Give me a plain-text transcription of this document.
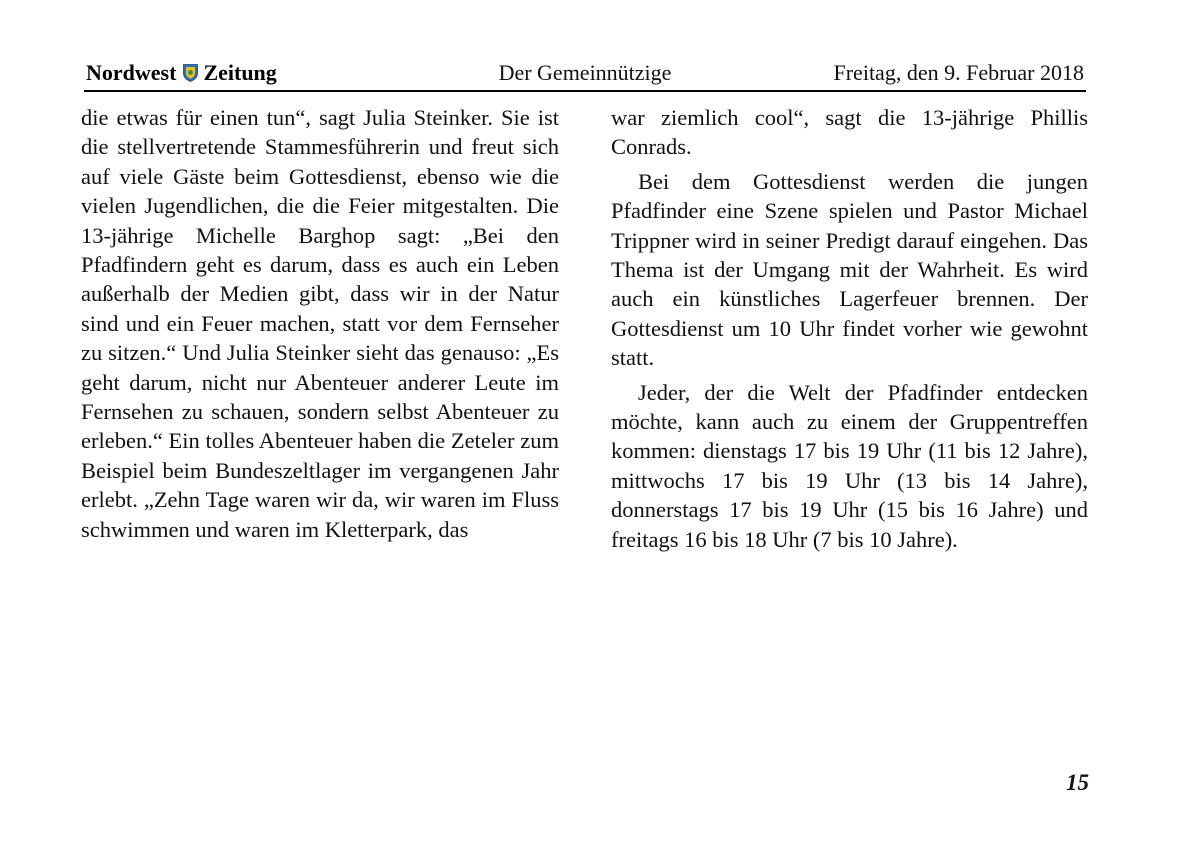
Nordwest Zeitung	Der Gemeinnützige	Freitag, den 9. Februar 2018

die etwas für einen tun“, sagt Julia Steinker. Sie ist die stellvertretende Stammesführerin und freut sich auf viele Gäste beim Gottesdienst, ebenso wie die vielen Jugendlichen, die die Feier mitgestalten. Die 13-jährige Michelle Barghop sagt: „Bei den Pfadfindern geht es darum, dass es auch ein Leben außerhalb der Medien gibt, dass wir in der Natur sind und ein Feuer machen, statt vor dem Fernseher zu sitzen.“ Und Julia Steinker sieht das genauso: „Es geht darum, nicht nur Abenteuer anderer Leute im Fernsehen zu schauen, sondern selbst Abenteuer zu erleben.“ Ein tolles Abenteuer haben die Zeteler zum Beispiel beim Bundeszeltlager im vergangenen Jahr erlebt. „Zehn Tage waren wir da, wir waren im Fluss schwimmen und waren im Kletterpark, das

war ziemlich cool“, sagt die 13-jährige Phillis Conrads.

Bei dem Gottesdienst werden die jungen Pfadfinder eine Szene spielen und Pastor Michael Trippner wird in seiner Predigt darauf eingehen. Das Thema ist der Umgang mit der Wahrheit. Es wird auch ein künstliches Lagerfeuer brennen. Der Gottesdienst um 10 Uhr findet vorher wie gewohnt statt.

Jeder, der die Welt der Pfadfinder entdecken möchte, kann auch zu einem der Gruppentreffen kommen: dienstags 17 bis 19 Uhr (11 bis 12 Jahre), mittwochs 17 bis 19 Uhr (13 bis 14 Jahre), donnerstags 17 bis 19 Uhr (15 bis 16 Jahre) und freitags 16 bis 18 Uhr (7 bis 10 Jahre).

15
